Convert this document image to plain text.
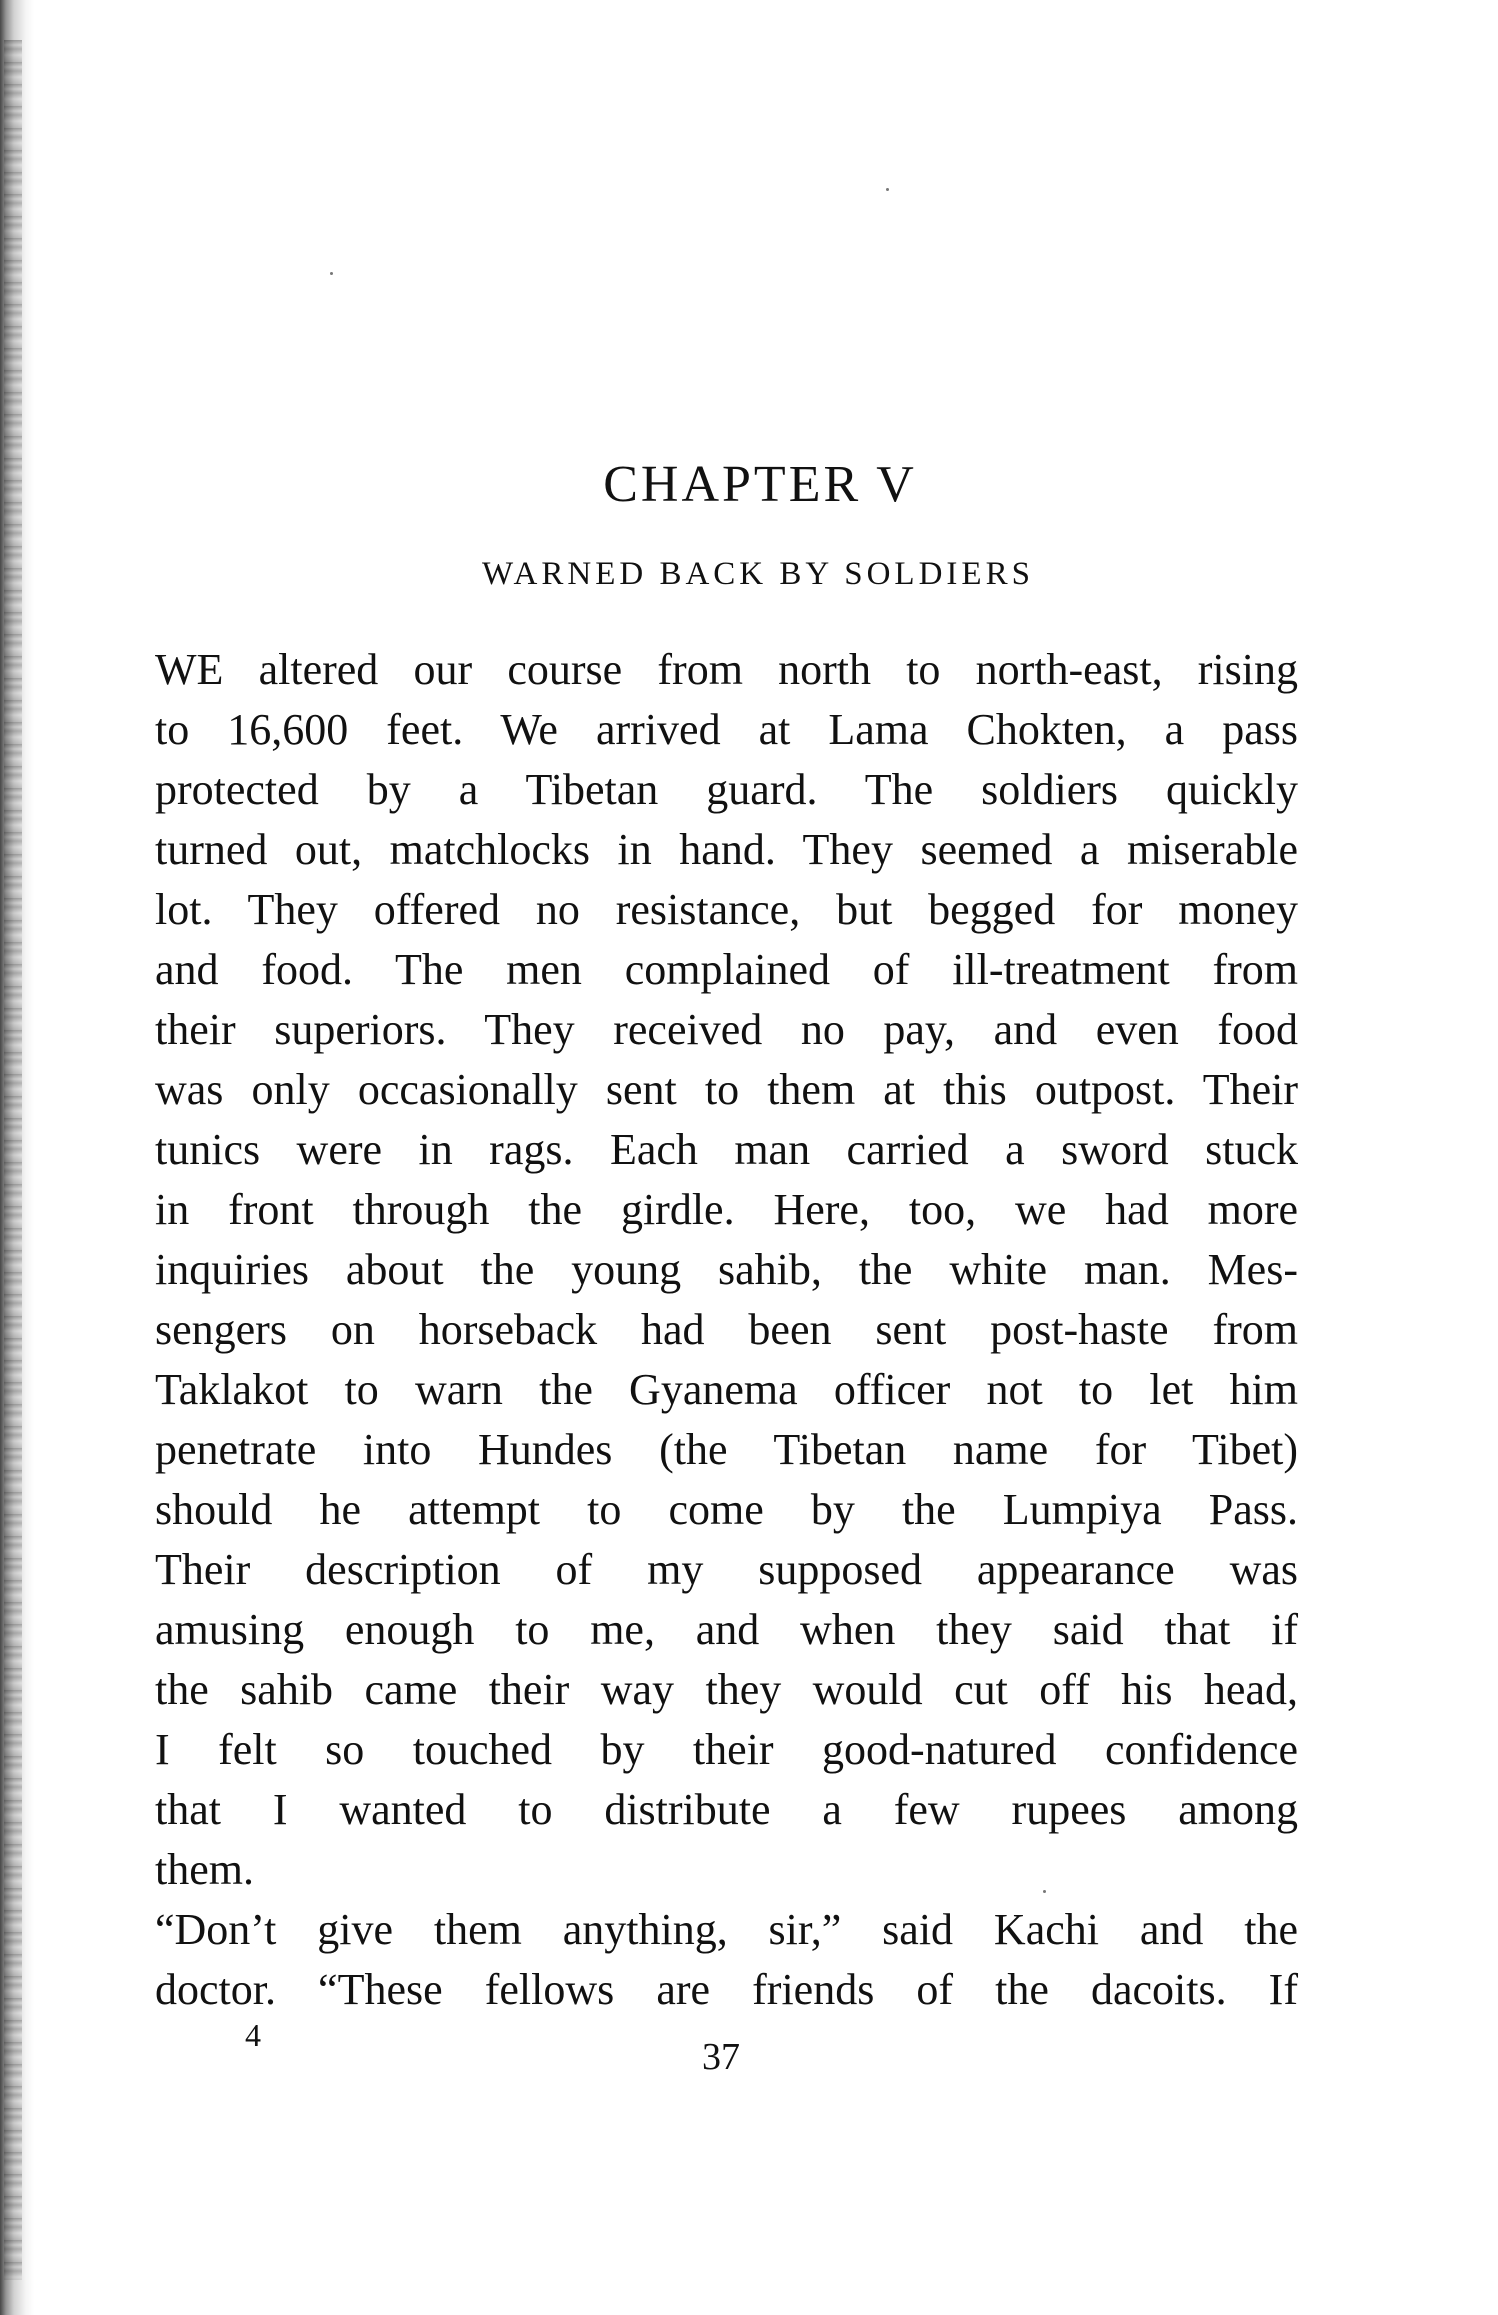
CHAPTER V
WARNED BACK BY SOLDIERS
WE altered our course from north to north-east, rising
to 16,600 feet. We arrived at Lama Chokten, a pass
protected by a Tibetan guard. The soldiers quickly
turned out, matchlocks in hand. They seemed a miserable
lot. They offered no resistance, but begged for money
and food. The men complained of ill-treatment from
their superiors. They received no pay, and even food
was only occasionally sent to them at this outpost. Their
tunics were in rags. Each man carried a sword stuck
in front through the girdle. Here, too, we had more
inquiries about the young sahib, the white man. Mes-
sengers on horseback had been sent post-haste from
Taklakot to warn the Gyanema officer not to let him
penetrate into Hundes (the Tibetan name for Tibet)
should he attempt to come by the Lumpiya Pass.
Their description of my supposed appearance was
amusing enough to me, and when they said that if
the sahib came their way they would cut off his head,
I felt so touched by their good-natured confidence
that I wanted to distribute a few rupees among
them.
“Don’t give them anything, sir,” said Kachi and the
doctor. “These fellows are friends of the dacoits. If

4

37
